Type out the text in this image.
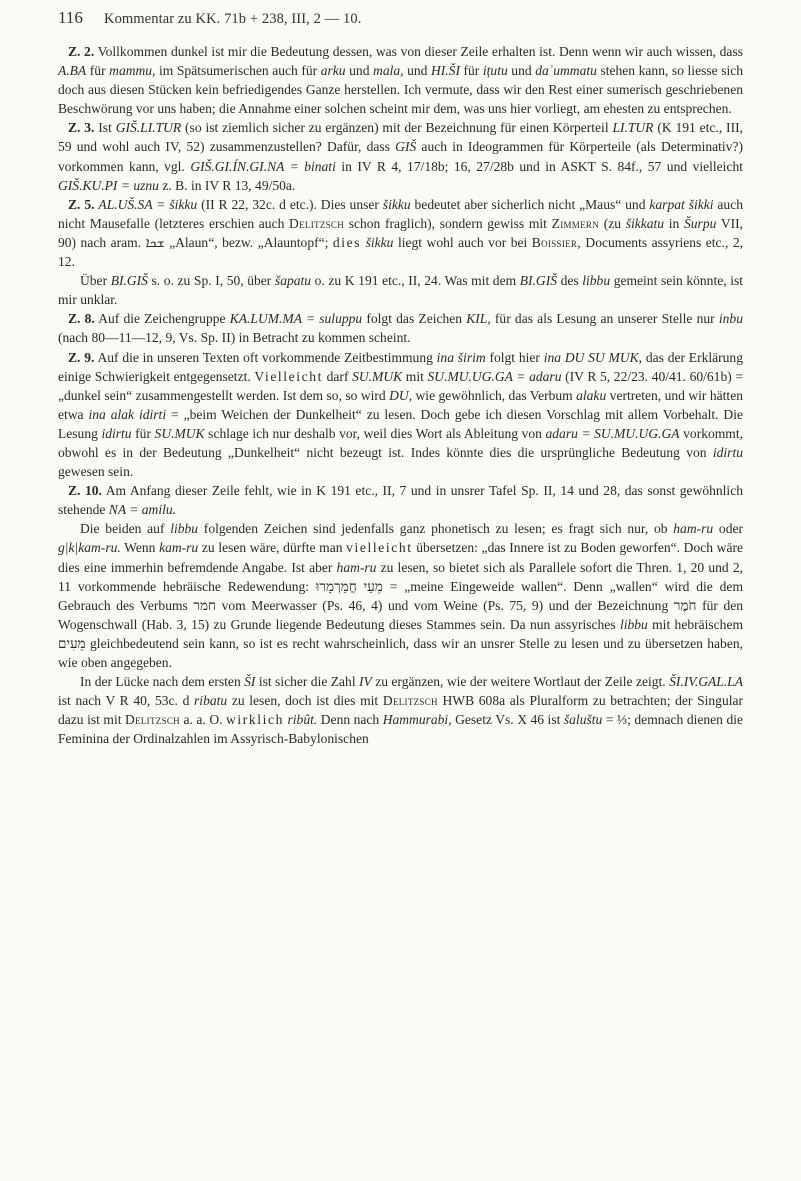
116	Kommentar zu KK. 71b + 238, III, 2 — 10.

Z. 2. Vollkommen dunkel ist mir die Bedeutung dessen, was von dieser Zeile erhalten ist. Denn wenn wir auch wissen, dass A.BA für mammu, im Spätsumerischen auch für arku und mala, und HI.ŠI für ițutu und daʾummatu stehen kann, so liesse sich doch aus diesen Stücken kein befriedigendes Ganze herstellen. Ich vermute, dass wir den Rest einer sumerisch geschriebenen Beschwörung vor uns haben; die Annahme einer solchen scheint mir dem, was uns hier vorliegt, am ehesten zu entsprechen.

Z. 3. Ist GIŠ.LI.TUR (so ist ziemlich sicher zu ergänzen) mit der Bezeichnung für einen Körperteil LI.TUR (K 191 etc., III, 59 und wohl auch IV, 52) zusammenzustellen? Dafür, dass GIŠ auch in Ideogrammen für Körperteile (als Determinativ?) vorkommen kann, vgl. GIŠ.GI.ÍN.GI.NA = binati in IV R 4, 17/18b; 16, 27/28b und in ASKT S. 84f., 57 und vielleicht GIŠ.KU.PI = uznu z. B. in IV R 13, 49/50a.

Z. 5. AL.UŠ.SA = šikku (II R 22, 32c. d etc.). Dies unser šikku bedeutet aber sicherlich nicht „Maus“ und karpat šikki auch nicht Mausefalle (letzteres erschien auch Delitzsch schon fraglich), sondern gewiss mit Zimmern (zu šikkatu in Šurpu VII, 90) nach aram. ܫܟܐ „Alaun“, bezw. „Alauntopf“; dies šikku liegt wohl auch vor bei Boissier, Documents assyriens etc., 2, 12.

Über BI.GIŠ s. o. zu Sp. I, 50, über šapatu o. zu K 191 etc., II, 24. Was mit dem BI.GIŠ des libbu gemeint sein könnte, ist mir unklar.

Z. 8. Auf die Zeichengruppe KA.LUM.MA = suluppu folgt das Zeichen KIL, für das als Lesung an unserer Stelle nur inbu (nach 80—11—12, 9, Vs. Sp. II) in Betracht zu kommen scheint.

Z. 9. Auf die in unseren Texten oft vorkommende Zeitbestimmung ina širim folgt hier ina DU SU MUK, das der Erklärung einige Schwierigkeit entgegensetzt. Vielleicht darf SU.MUK mit SU.MU.UG.GA = adaru (IV R 5, 22/23. 40/41. 60/61b) = „dunkel sein“ zusammengestellt werden. Ist dem so, so wird DU, wie gewöhnlich, das Verbum alaku vertreten, und wir hätten etwa ina alak idirti = „beim Weichen der Dunkelheit“ zu lesen. Doch gebe ich diesen Vorschlag mit allem Vorbehalt. Die Lesung idirtu für SU.MUK schlage ich nur deshalb vor, weil dies Wort als Ableitung von adaru = SU.MU.UG.GA vorkommt, obwohl es in der Bedeutung „Dunkelheit“ nicht bezeugt ist. Indes könnte dies die ursprüngliche Bedeutung von idirtu gewesen sein.

Z. 10. Am Anfang dieser Zeile fehlt, wie in K 191 etc., II, 7 und in unsrer Tafel Sp. II, 14 und 28, das sonst gewöhnlich stehende NA = amilu.

Die beiden auf libbu folgenden Zeichen sind jedenfalls ganz phonetisch zu lesen; es fragt sich nur, ob ham-ru oder g|k|kam-ru. Wenn kam-ru zu lesen wäre, dürfte man vielleicht übersetzen: „das Innere ist zu Boden geworfen“. Doch wäre dies eine immerhin befremdende Angabe. Ist aber ham-ru zu lesen, so bietet sich als Parallele sofort die Thren. 1, 20 und 2, 11 vorkommende hebräische Redewendung: מֵעַי חֳמַרְמָרוּ = „meine Eingeweide wallen“. Denn „wallen“ wird die dem Gebrauch des Verbums חמר vom Meerwasser (Ps. 46, 4) und vom Weine (Ps. 75, 9) und der Bezeichnung חֹמֶר für den Wogenschwall (Hab. 3, 15) zu Grunde liegende Bedeutung dieses Stammes sein. Da nun assyrisches libbu mit hebräischem מֵעִים gleichbedeutend sein kann, so ist es recht wahrscheinlich, dass wir an unsrer Stelle zu lesen und zu übersetzen haben, wie oben angegeben.

In der Lücke nach dem ersten ŠI ist sicher die Zahl IV zu ergänzen, wie der weitere Wortlaut der Zeile zeigt. ŠI.IV.GAL.LA ist nach V R 40, 53c. d ribatu zu lesen, doch ist dies mit Delitzsch HWB 608a als Pluralform zu betrachten; der Singular dazu ist mit Delitzsch a. a. O. wirklich ribût. Denn nach Hammurabi, Gesetz Vs. X 46 ist šaluštu = ⅓; demnach dienen die Feminina der Ordinalzahlen im Assyrisch-Babylonischen
